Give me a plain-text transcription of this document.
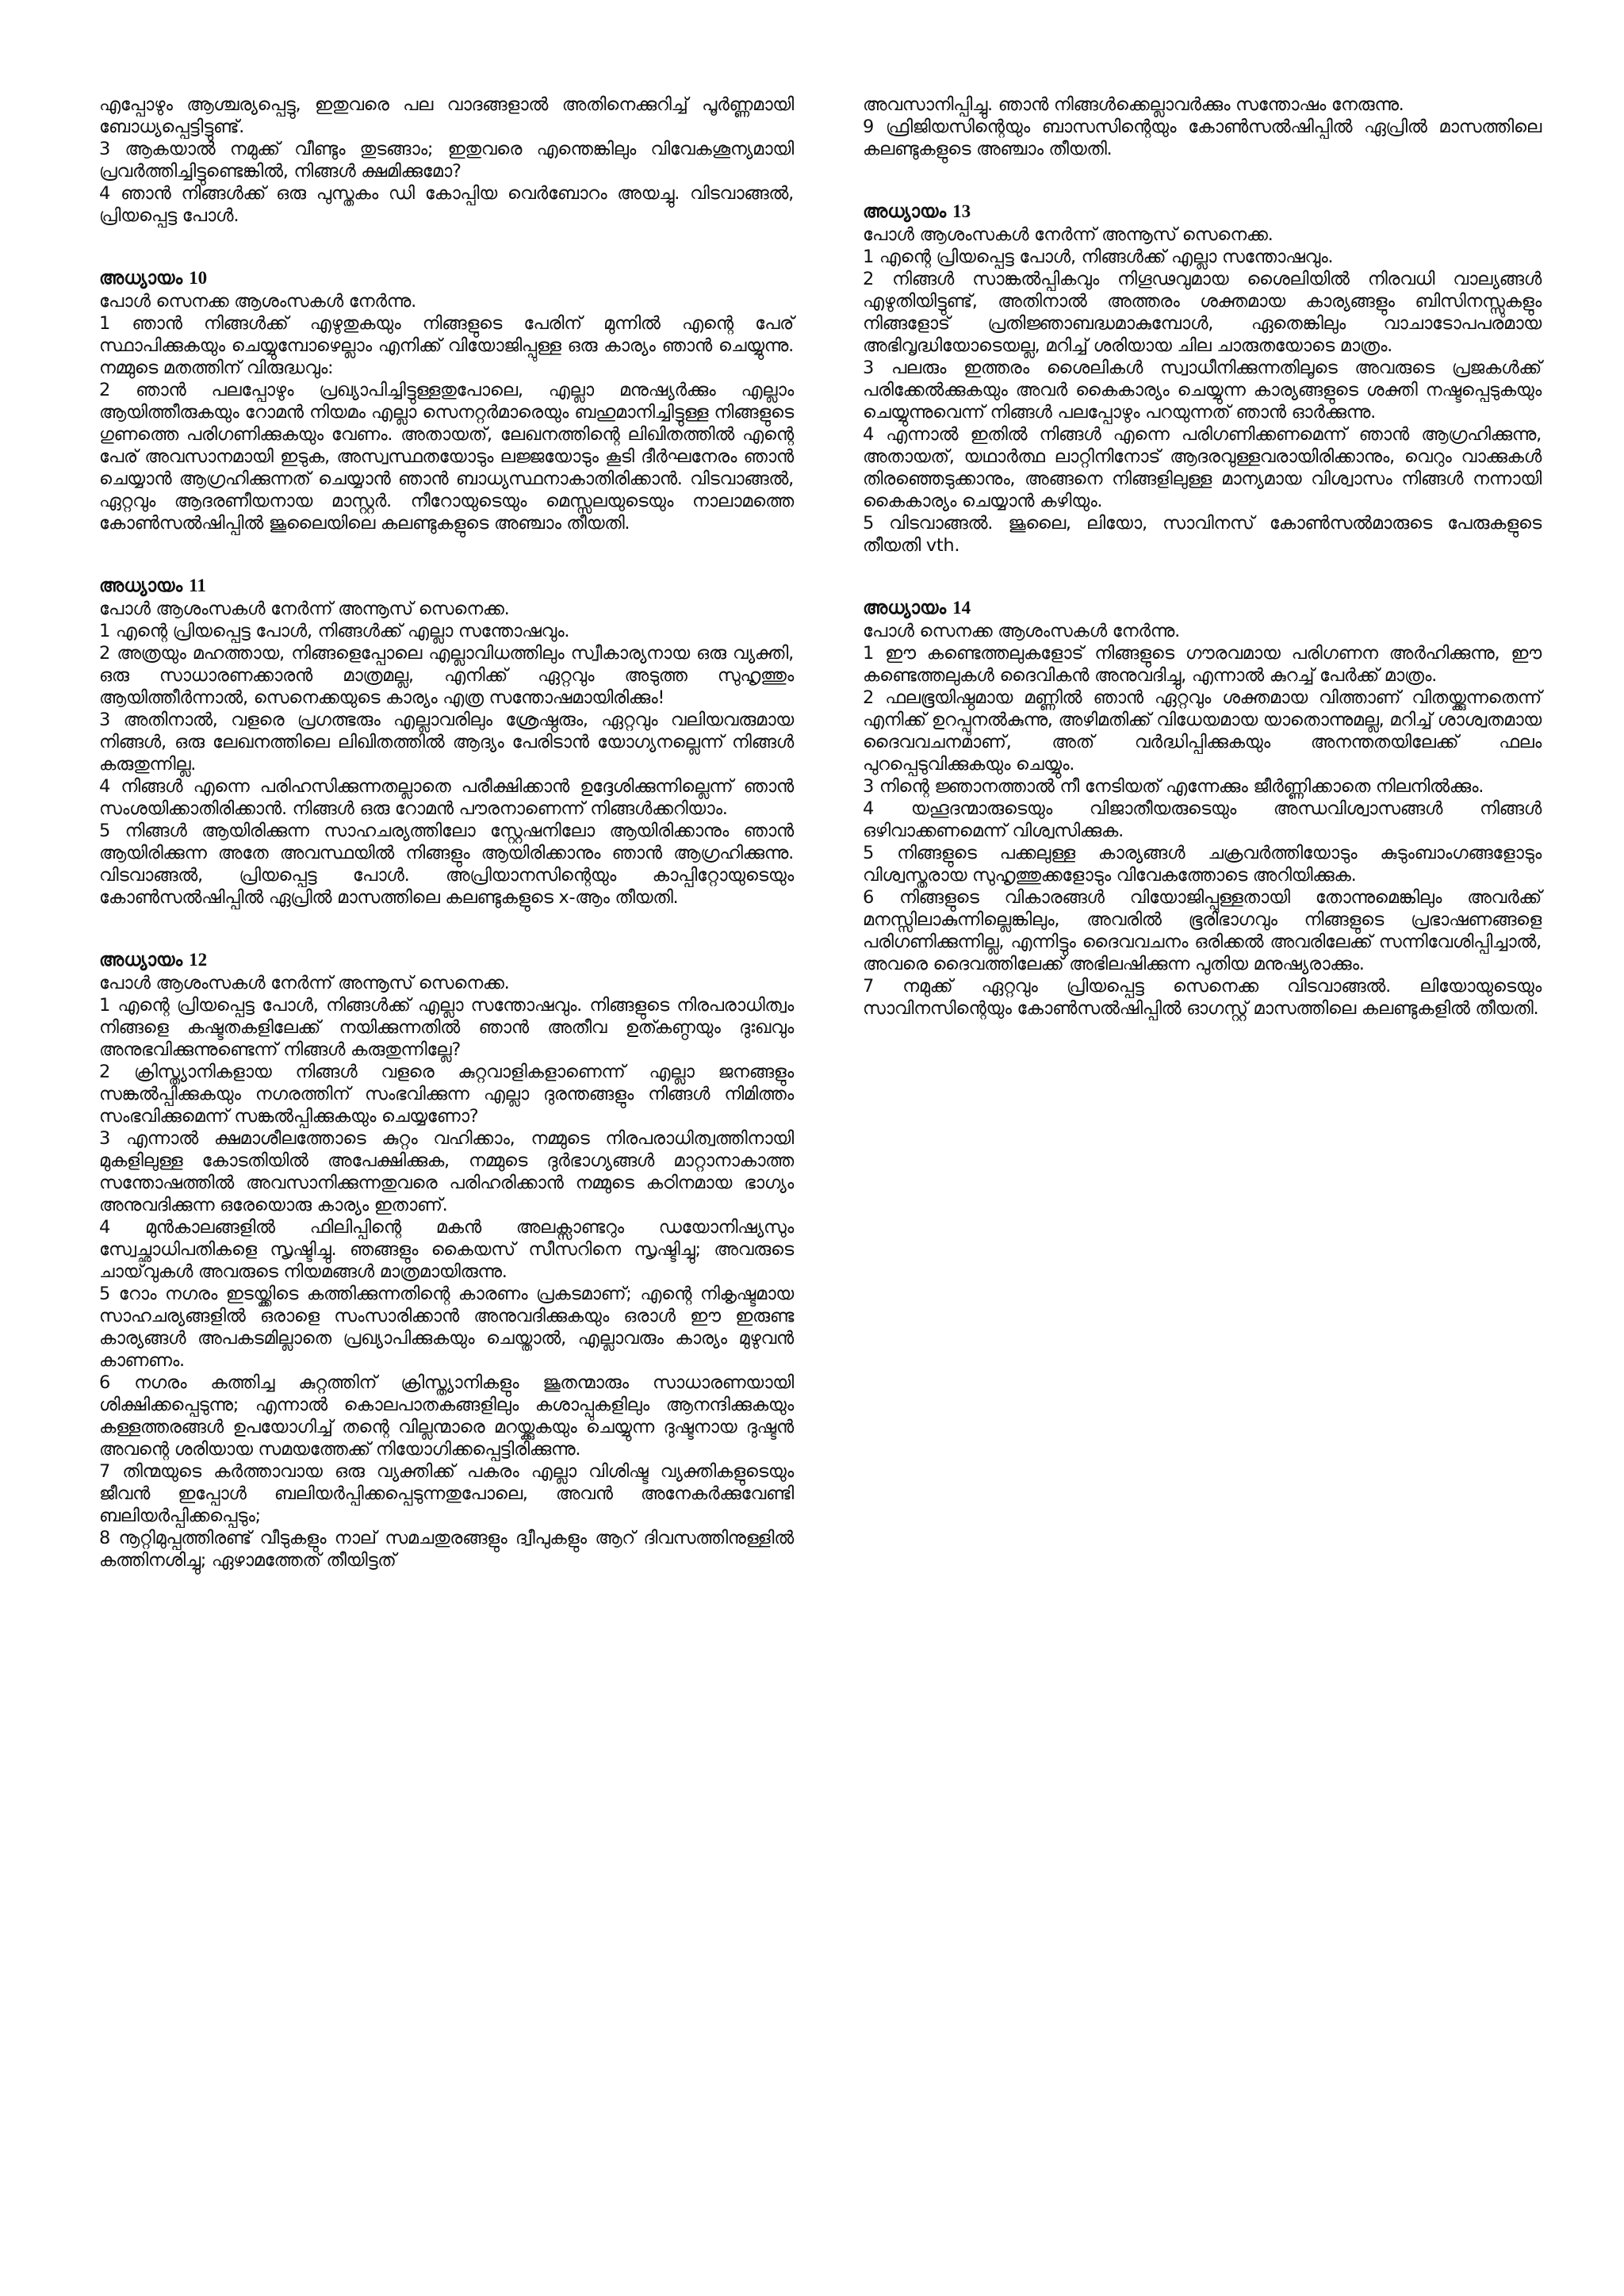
എപ്പോഴും ആശ്ചര്യപ്പെട്ടു, ഇതുവരെ പല വാദങ്ങളാൽ അതിനെക്കുറിച്ച് പൂർണ്ണമായി ബോധ്യപ്പെട്ടിട്ടുണ്ട്.

3 ആകയാൽ നമുക്ക് വീണ്ടും തുടങ്ങാം; ഇതുവരെ എന്തെങ്കിലും വിവേകശൂന്യമായി പ്രവർത്തിച്ചിട്ടുണ്ടെങ്കിൽ, നിങ്ങൾ ക്ഷമിക്കുമോ?

4 ഞാൻ നിങ്ങൾക്ക് ഒരു പുസ്തകം ഡി കോപ്പിയ വെർബോറം അയച്ചു. വിടവാങ്ങൽ, പ്രിയപ്പെട്ട പോൾ.

അധ്യായം 10

പോൾ സെനക്ക ആശംസകൾ നേർന്നു.

1 ഞാൻ നിങ്ങൾക്ക് എഴുതുകയും നിങ്ങളുടെ പേരിന് മുന്നിൽ എന്റെ പേര് സ്ഥാപിക്കുകയും ചെയ്യുമ്പോഴെല്ലാം എനിക്ക് വിയോജിപ്പുള്ള ഒരു കാര്യം ഞാൻ ചെയ്യുന്നു. നമ്മുടെ മതത്തിന് വിരുദ്ധവും:

2 ഞാൻ പലപ്പോഴും പ്രഖ്യാപിച്ചിട്ടുള്ളതുപോലെ, എല്ലാ മനുഷ്യർക്കും എല്ലാം ആയിത്തീരുകയും റോമൻ നിയമം എല്ലാ സെനറ്റർമാരെയും ബഹുമാനിച്ചിട്ടുള്ള നിങ്ങളുടെ ഗുണത്തെ പരിഗണിക്കുകയും വേണം. അതായത്, ലേഖനത്തിന്റെ ലിഖിതത്തിൽ എന്റെ പേര് അവസാനമായി ഇടുക, അസ്വസ്ഥതയോടും ലജ്ജയോടും കൂടി ദീർഘനേരം ഞാൻ ചെയ്യാൻ ആഗ്രഹിക്കുന്നത് ചെയ്യാൻ ഞാൻ ബാധ്യസ്ഥനാകാതിരിക്കാൻ. വിടവാങ്ങൽ, ഏറ്റവും ആദരണീയനായ മാസ്റ്റർ. നീറോയുടെയും മെസ്സലയുടെയും നാലാമത്തെ കോൺസൽഷിപ്പിൽ ജൂലൈയിലെ കലണ്ടുകളുടെ അഞ്ചാം തീയതി.

അധ്യായം 11

പോൾ ആശംസകൾ നേർന്ന് അന്നൂസ് സെനെക്ക.

1 എന്റെ പ്രിയപ്പെട്ട പോൾ, നിങ്ങൾക്ക് എല്ലാ സന്തോഷവും.

2 അത്രയും മഹത്തായ, നിങ്ങളെപ്പോലെ എല്ലാവിധത്തിലും സ്വീകാര്യനായ ഒരു വ്യക്തി, ഒരു സാധാരണക്കാരൻ മാത്രമല്ല, എനിക്ക് ഏറ്റവും അടുത്ത സുഹൃത്തും ആയിത്തീർന്നാൽ, സെനെക്കയുടെ കാര്യം എത്ര സന്തോഷമായിരിക്കും!

3 അതിനാൽ, വളരെ പ്രഗത്ഭരും എല്ലാവരിലും ശ്രേഷ്ഠരും, ഏറ്റവും വലിയവരുമായ നിങ്ങൾ, ഒരു ലേഖനത്തിലെ ലിഖിതത്തിൽ ആദ്യം പേരിടാൻ യോഗ്യനല്ലെന്ന് നിങ്ങൾ കരുതുന്നില്ല.

4 നിങ്ങൾ എന്നെ പരിഹസിക്കുന്നതല്ലാതെ പരീക്ഷിക്കാൻ ഉദ്ദേശിക്കുന്നില്ലെന്ന് ഞാൻ സംശയിക്കാതിരിക്കാൻ. നിങ്ങൾ ഒരു റോമൻ പൗരനാണെന്ന് നിങ്ങൾക്കറിയാം.

5 നിങ്ങൾ ആയിരിക്കുന്ന സാഹചര്യത്തിലോ സ്റ്റേഷനിലോ ആയിരിക്കാനും ഞാൻ ആയിരിക്കുന്ന അതേ അവസ്ഥയിൽ നിങ്ങളും ആയിരിക്കാനും ഞാൻ ആഗ്രഹിക്കുന്നു. വിടവാങ്ങൽ, പ്രിയപ്പെട്ട പോൾ. അപ്രിയാനസിന്റെയും കാപ്പിറ്റോയുടെയും കോൺസൽഷിപ്പിൽ ഏപ്രിൽ മാസത്തിലെ കലണ്ടുകളുടെ x-ആം തീയതി.

അധ്യായം 12

പോൾ ആശംസകൾ നേർന്ന് അന്നൂസ് സെനെക്ക.

1 എന്റെ പ്രിയപ്പെട്ട പോൾ, നിങ്ങൾക്ക് എല്ലാ സന്തോഷവും. നിങ്ങളുടെ നിരപരാധിത്വം നിങ്ങളെ കഷ്ടതകളിലേക്ക് നയിക്കുന്നതിൽ ഞാൻ അതീവ ഉത്കണ്ഠയും ദുഃഖവും അനുഭവിക്കുന്നുണ്ടെന്ന് നിങ്ങൾ കരുതുന്നില്ലേ?

2 ക്രിസ്ത്യാനികളായ നിങ്ങൾ വളരെ കുറ്റവാളികളാണെന്ന് എല്ലാ ജനങ്ങളും സങ്കൽപ്പിക്കുകയും നഗരത്തിന് സംഭവിക്കുന്ന എല്ലാ ദുരന്തങ്ങളും നിങ്ങൾ നിമിത്തം സംഭവിക്കുമെന്ന് സങ്കൽപ്പിക്കുകയും ചെയ്യണോ?

3 എന്നാൽ ക്ഷമാശീലത്തോടെ കുറ്റം വഹിക്കാം, നമ്മുടെ നിരപരാധിത്വത്തിനായി മുകളിലുള്ള കോടതിയിൽ അപേക്ഷിക്കുക, നമ്മുടെ ദുർഭാഗ്യങ്ങൾ മാറ്റാനാകാത്ത സന്തോഷത്തിൽ അവസാനിക്കുന്നതുവരെ പരിഹരിക്കാൻ നമ്മുടെ കഠിനമായ ഭാഗ്യം അനുവദിക്കുന്ന ഒരേയൊരു കാര്യം ഇതാണ്.

4 മുൻകാലങ്ങളിൽ ഫിലിപ്പിന്റെ മകൻ അലക്സാണ്ടറും ഡയോനിഷ്യസും സ്വേച്ഛാധിപതികളെ സൃഷ്ടിച്ചു. ഞങ്ങളും കൈയസ് സീസറിനെ സൃഷ്ടിച്ചു; അവരുടെ ചായ്‌വുകൾ അവരുടെ നിയമങ്ങൾ മാത്രമായിരുന്നു.

5 റോം നഗരം ഇടയ്ക്കിടെ കത്തിക്കുന്നതിന്റെ കാരണം പ്രകടമാണ്; എന്റെ നികൃഷ്ടമായ സാഹചര്യങ്ങളിൽ ഒരാളെ സംസാരിക്കാൻ അനുവദിക്കുകയും ഒരാൾ ഈ ഇരുണ്ട കാര്യങ്ങൾ അപകടമില്ലാതെ പ്രഖ്യാപിക്കുകയും ചെയ്താൽ, എല്ലാവരും കാര്യം മുഴുവൻ കാണണം.

6 നഗരം കത്തിച്ച കുറ്റത്തിന് ക്രിസ്ത്യാനികളും ജൂതന്മാരും സാധാരണയായി ശിക്ഷിക്കപ്പെടുന്നു; എന്നാൽ കൊലപാതകങ്ങളിലും കശാപ്പുകളിലും ആനന്ദിക്കുകയും കള്ളത്തരങ്ങൾ ഉപയോഗിച്ച് തന്റെ വില്ലന്മാരെ മറയ്ക്കുകയും ചെയ്യുന്ന ദുഷ്ടനായ ദുഷ്ടൻ അവന്റെ ശരിയായ സമയത്തേക്ക് നിയോഗിക്കപ്പെട്ടിരിക്കുന്നു.

7 തിന്മയുടെ കർത്താവായ ഒരു വ്യക്തിക്ക് പകരം എല്ലാ വിശിഷ്ട വ്യക്തികളുടെയും ജീവൻ ഇപ്പോൾ ബലിയർപ്പിക്കപ്പെടുന്നതുപോലെ, അവൻ അനേകർക്കുവേണ്ടി ബലിയർപ്പിക്കപ്പെടും;

8 നൂറ്റിമുപ്പത്തിരണ്ട് വീടുകളും നാല് സമചതുരങ്ങളും ദ്വീപുകളും ആറ് ദിവസത്തിനുള്ളിൽ കത്തിനശിച്ചു; ഏഴാമത്തേത് തീയിട്ടത്

അവസാനിപ്പിച്ചു. ഞാൻ നിങ്ങൾക്കെല്ലാവർക്കും സന്തോഷം നേരുന്നു.

9 ഫ്രിജിയസിന്റെയും ബാസസിന്റെയും കോൺസൽഷിപ്പിൽ ഏപ്രിൽ മാസത്തിലെ കലണ്ടുകളുടെ അഞ്ചാം തീയതി.

അധ്യായം 13

പോൾ ആശംസകൾ നേർന്ന് അന്നൂസ് സെനെക്ക.

1 എന്റെ പ്രിയപ്പെട്ട പോൾ, നിങ്ങൾക്ക് എല്ലാ സന്തോഷവും.

2 നിങ്ങൾ സാങ്കൽപ്പികവും നിഗൂഢവുമായ ശൈലിയിൽ നിരവധി വാല്യങ്ങൾ എഴുതിയിട്ടുണ്ട്, അതിനാൽ അത്തരം ശക്തമായ കാര്യങ്ങളും ബിസിനസ്സുകളും നിങ്ങളോട് പ്രതിജ്ഞാബദ്ധമാകുമ്പോൾ, ഏതെങ്കിലും വാചാടോപപരമായ അഭിവൃദ്ധിയോടെയല്ല, മറിച്ച് ശരിയായ ചില ചാരുതയോടെ മാത്രം.

3 പലരും ഇത്തരം ശൈലികൾ സ്വാധീനിക്കുന്നതിലൂടെ അവരുടെ പ്രജകൾക്ക് പരിക്കേൽക്കുകയും അവർ കൈകാര്യം ചെയ്യുന്ന കാര്യങ്ങളുടെ ശക്തി നഷ്ടപ്പെടുകയും ചെയ്യുന്നുവെന്ന് നിങ്ങൾ പലപ്പോഴും പറയുന്നത് ഞാൻ ഓർക്കുന്നു.

4 എന്നാൽ ഇതിൽ നിങ്ങൾ എന്നെ പരിഗണിക്കണമെന്ന് ഞാൻ ആഗ്രഹിക്കുന്നു, അതായത്, യഥാർത്ഥ ലാറ്റിനിനോട് ആദരവുള്ളവരായിരിക്കാനും, വെറും വാക്കുകൾ തിരഞ്ഞെടുക്കാനും, അങ്ങനെ നിങ്ങളിലുള്ള മാന്യമായ വിശ്വാസം നിങ്ങൾ നന്നായി കൈകാര്യം ചെയ്യാൻ കഴിയും.

5 വിടവാങ്ങൽ. ജൂലൈ, ലിയോ, സാവിനസ് കോൺസൽമാരുടെ പേരുകളുടെ തീയതി vth.

അധ്യായം 14

പോൾ സെനക്ക ആശംസകൾ നേർന്നു.

1 ഈ കണ്ടെത്തലുകളോട് നിങ്ങളുടെ ഗൗരവമായ പരിഗണന അർഹിക്കുന്നു, ഈ കണ്ടെത്തലുകൾ ദൈവികൻ അനുവദിച്ചു, എന്നാൽ കുറച്ച് പേർക്ക് മാത്രം.

2 ഫലഭൂയിഷ്ഠമായ മണ്ണിൽ ഞാൻ ഏറ്റവും ശക്തമായ വിത്താണ് വിതയ്ക്കുന്നതെന്ന് എനിക്ക് ഉറപ്പുനൽകുന്നു, അഴിമതിക്ക് വിധേയമായ യാതൊന്നുമല്ല, മറിച്ച് ശാശ്വതമായ ദൈവവചനമാണ്, അത് വർദ്ധിപ്പിക്കുകയും അനന്തതയിലേക്ക് ഫലം പുറപ്പെടുവിക്കുകയും ചെയ്യും.

3 നിന്റെ ജ്ഞാനത്താൽ നീ നേടിയത് എന്നേക്കും ജീർണ്ണിക്കാതെ നിലനിൽക്കും.

4 യഹൂദന്മാരുടെയും വിജാതീയരുടെയും അന്ധവിശ്വാസങ്ങൾ നിങ്ങൾ ഒഴിവാക്കണമെന്ന് വിശ്വസിക്കുക.

5 നിങ്ങളുടെ പക്കലുള്ള കാര്യങ്ങൾ ചക്രവർത്തിയോടും കുടുംബാംഗങ്ങളോടും വിശ്വസ്തരായ സുഹൃത്തുക്കളോടും വിവേകത്തോടെ അറിയിക്കുക.

6 നിങ്ങളുടെ വികാരങ്ങൾ വിയോജിപ്പുള്ളതായി തോന്നുമെങ്കിലും അവർക്ക് മനസ്സിലാകുന്നില്ലെങ്കിലും, അവരിൽ ഭൂരിഭാഗവും നിങ്ങളുടെ പ്രഭാഷണങ്ങളെ പരിഗണിക്കുന്നില്ല, എന്നിട്ടും ദൈവവചനം ഒരിക്കൽ അവരിലേക്ക് സന്നിവേശിപ്പിച്ചാൽ, അവരെ ദൈവത്തിലേക്ക് അഭിലഷിക്കുന്ന പുതിയ മനുഷ്യരാക്കും.

7 നമുക്ക് ഏറ്റവും പ്രിയപ്പെട്ട സെനെക്ക വിടവാങ്ങൽ. ലിയോയുടെയും സാവിനസിന്റെയും കോൺസൽഷിപ്പിൽ ഓഗസ്റ്റ് മാസത്തിലെ കലണ്ടുകളിൽ തീയതി.
